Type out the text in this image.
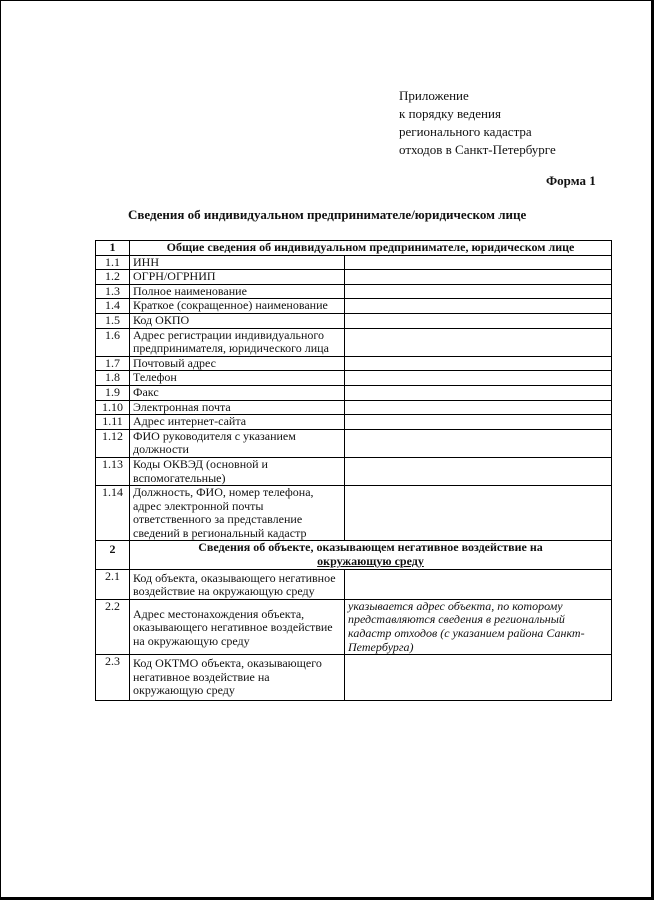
Приложение
к порядку ведения
регионального кадастра
отходов в Санкт-Петербурге
Форма 1
Сведения об индивидуальном предпринимателе/юридическом лице
1	Общие сведения об индивидуальном предпринимателе, юридическом лице	
1.1	ИНН	
1.2	ОГРН/ОГРНИП	
1.3	Полное наименование	
1.4	Краткое (сокращенное) наименование	
1.5	Код ОКПО	
1.6	Адрес регистрации индивидуального предпринимателя, юридического лица	
1.7	Почтовый адрес	
1.8	Телефон	
1.9	Факс	
1.10	Электронная почта	
1.11	Адрес интернет-сайта	
1.12	ФИО руководителя с указанием должности	
1.13	Коды ОКВЭД (основной и вспомогательные)	
1.14	Должность, ФИО, номер телефона, адрес электронной почты ответственного за представление сведений в региональный кадастр	
2	Сведения об объекте, оказывающем негативное воздействие на
окружающую среду	

2.1	Код объекта, оказывающего негативное воздействие на окружающую среду	
2.2	Адрес местонахождения объекта, оказывающего негативное воздействие на окружающую среду	указывается адрес объекта, по которому представляются сведения в региональный кадастр отходов (с указанием района Санкт-Петербурга)
2.3	Код ОКТМО объекта, оказывающего негативное воздействие на окружающую среду	
